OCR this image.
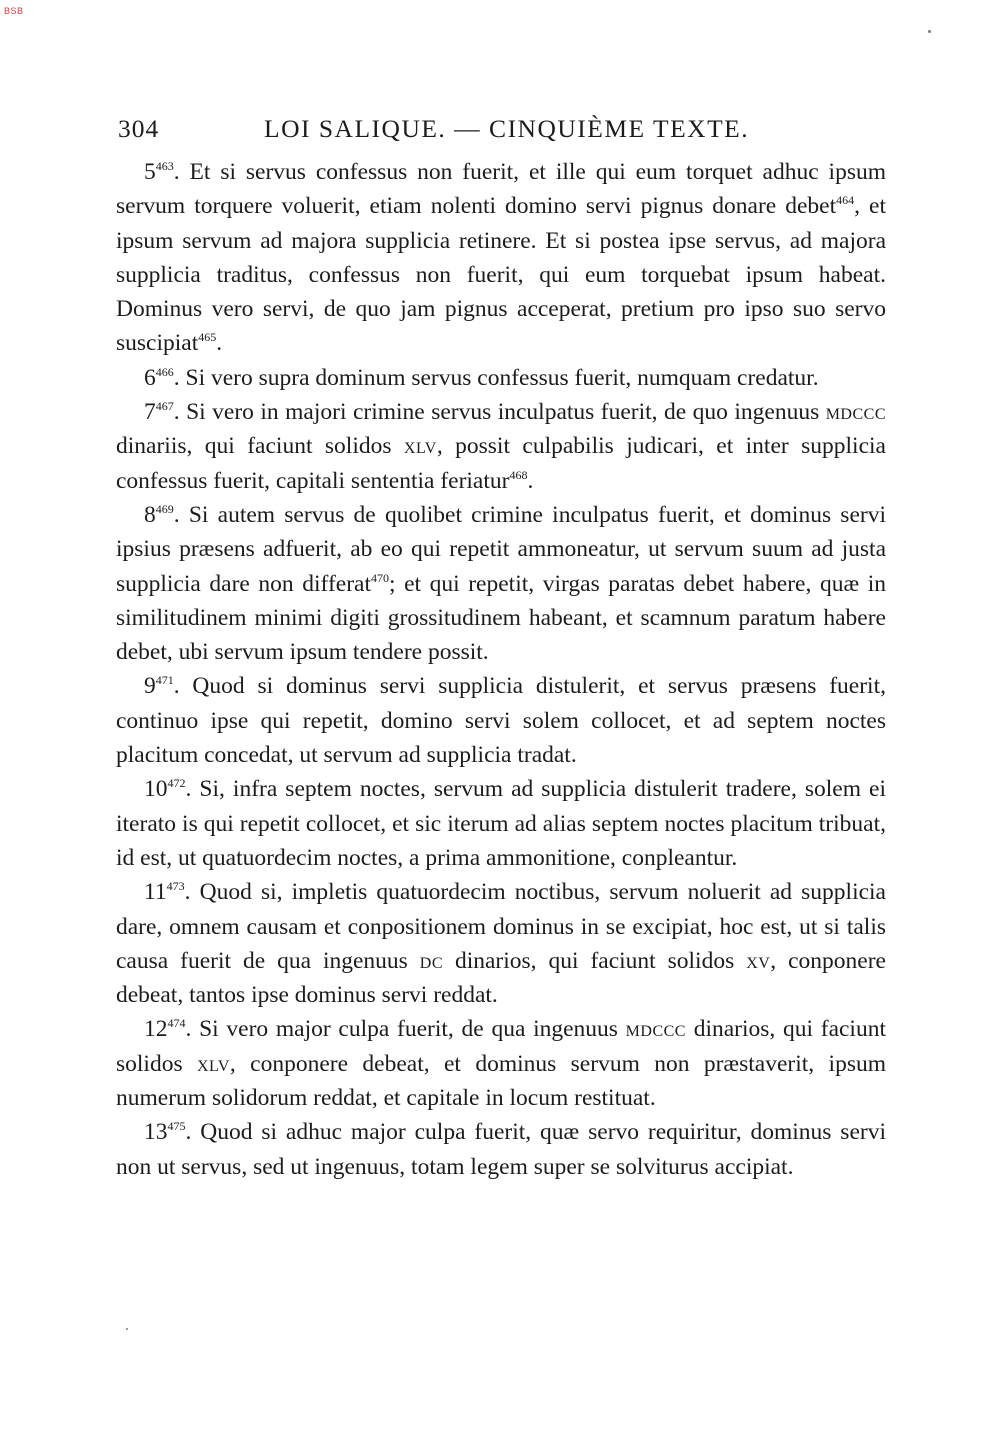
BSB
304	LOI SALIQUE. — CINQUIÈME TEXTE.

$5^{463}$. Et si servus confessus non fuerit, et ille qui eum torquet adhuc ipsum servum torquere voluerit, etiam nolenti domino servi pignus donare debet$^{464}$, et ipsum servum ad majora supplicia retinere. Et si postea ipse servus, ad majora supplicia traditus, confessus non fuerit, qui eum torquebat ipsum habeat. Dominus vero servi, de quo jam pignus acceperat, pretium pro ipso suo servo suscipiat$^{465}$.

$6^{466}$. Si vero supra dominum servus confessus fuerit, numquam credatur.

$7^{467}$. Si vero in majori crimine servus inculpatus fuerit, de quo ingenuus mdccc dinariis, qui faciunt solidos xlv, possit culpabilis judicari, et inter supplicia confessus fuerit, capitali sententia feriatur$^{468}$.

$8^{469}$. Si autem servus de quolibet crimine inculpatus fuerit, et dominus servi ipsius præsens adfuerit, ab eo qui repetit ammoneatur, ut servum suum ad justa supplicia dare non differat$^{470}$; et qui repetit, virgas paratas debet habere, quæ in similitudinem minimi digiti grossitudinem habeant, et scamnum paratum habere debet, ubi servum ipsum tendere possit.

$9^{471}$. Quod si dominus servi supplicia distulerit, et servus præsens fuerit, continuo ipse qui repetit, domino servi solem collocet, et ad septem noctes placitum concedat, ut servum ad supplicia tradat.

$10^{472}$. Si, infra septem noctes, servum ad supplicia distulerit tradere, solem ei iterato is qui repetit collocet, et sic iterum ad alias septem noctes placitum tribuat, id est, ut quatuordecim noctes, a prima ammonitione, conpleantur.

$11^{473}$. Quod si, impletis quatuordecim noctibus, servum noluerit ad supplicia dare, omnem causam et conpositionem dominus in se excipiat, hoc est, ut si talis causa fuerit de qua ingenuus dc dinarios, qui faciunt solidos xv, conponere debeat, tantos ipse dominus servi reddat.

$12^{474}$. Si vero major culpa fuerit, de qua ingenuus mdccc dinarios, qui faciunt solidos xlv, conponere debeat, et dominus servum non præstaverit, ipsum numerum solidorum reddat, et capitale in locum restituat.

$13^{475}$. Quod si adhuc major culpa fuerit, quæ servo requiritur, dominus servi non ut servus, sed ut ingenuus, totam legem super se solviturus accipiat.
